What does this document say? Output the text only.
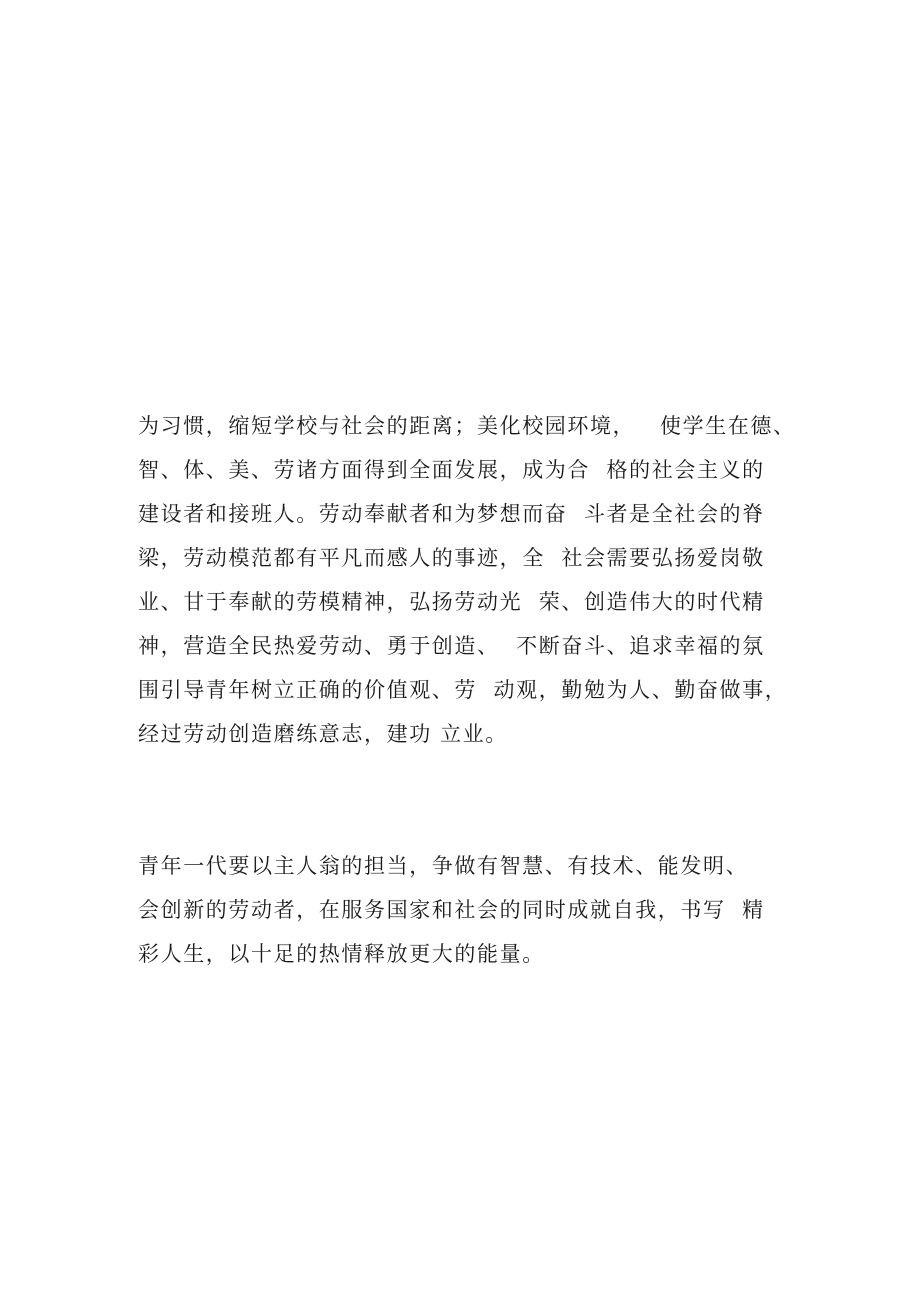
为习惯，缩短学校与社会的距离；美化校园环境，   使学生在德、
智、体、美、劳诸方面得到全面发展，成为合  格的社会主义的
建设者和接班人。劳动奉献者和为梦想而奋  斗者是全社会的脊
梁，劳动模范都有平凡而感人的事迹，全  社会需要弘扬爱岗敬
业、甘于奉献的劳模精神，弘扬劳动光  荣、创造伟大的时代精
神，营造全民热爱劳动、勇于创造、  不断奋斗、追求幸福的氛
围引导青年树立正确的价值观、劳  动观，勤勉为人、勤奋做事，
经过劳动创造磨练意志，建功 立业。
青年一代要以主人翁的担当，争做有智慧、有技术、能发明、
会创新的劳动者，在服务国家和社会的同时成就自我，书写  精
彩人生，以十足的热情释放更大的能量。
